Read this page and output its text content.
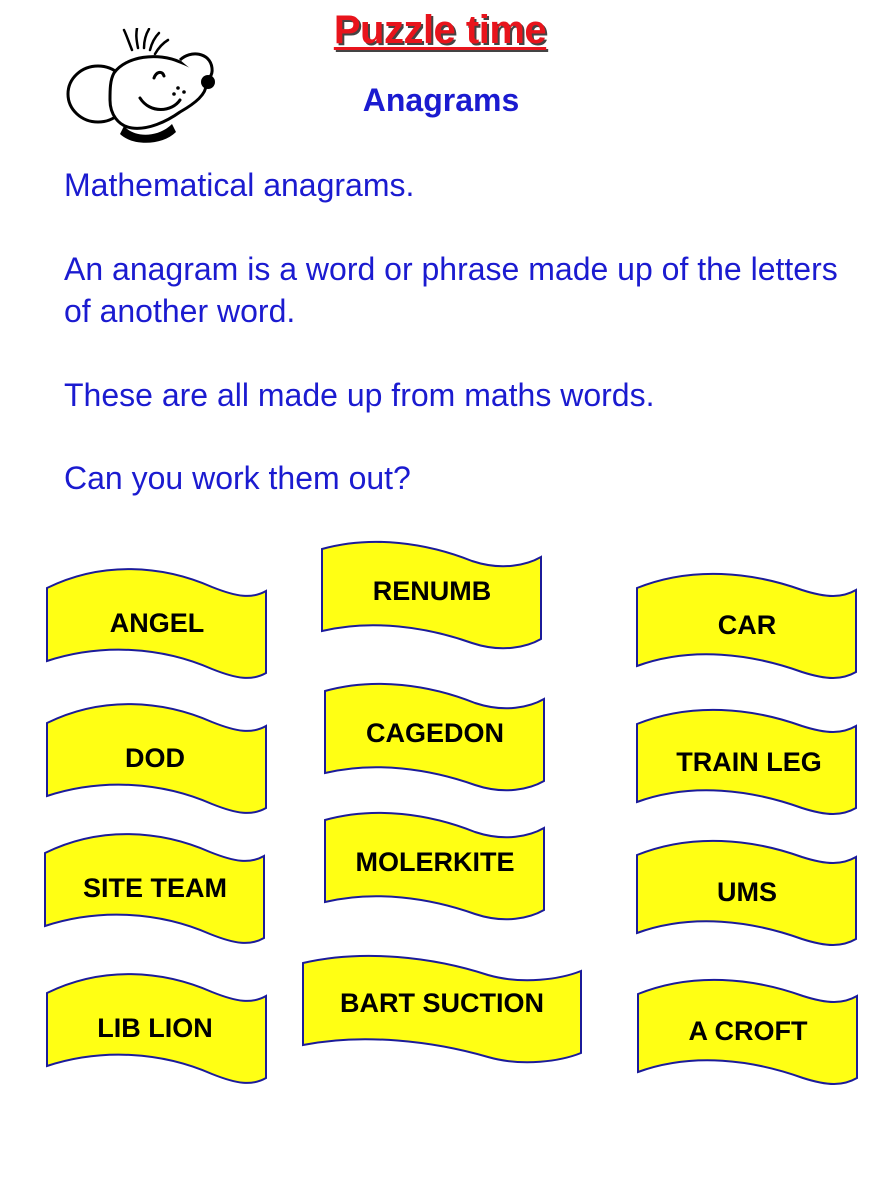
Puzzle time
Anagrams

Mathematical anagrams.

An anagram is a word or phrase made up of the letters of another word.

These are all made up from maths words.

Can you work them out?

ANGEL
RENUMB
CAR
DOD
CAGEDON
TRAIN LEG
SITE TEAM
MOLERKITE
UMS
LIB LION
BART SUCTION
A CROFT
